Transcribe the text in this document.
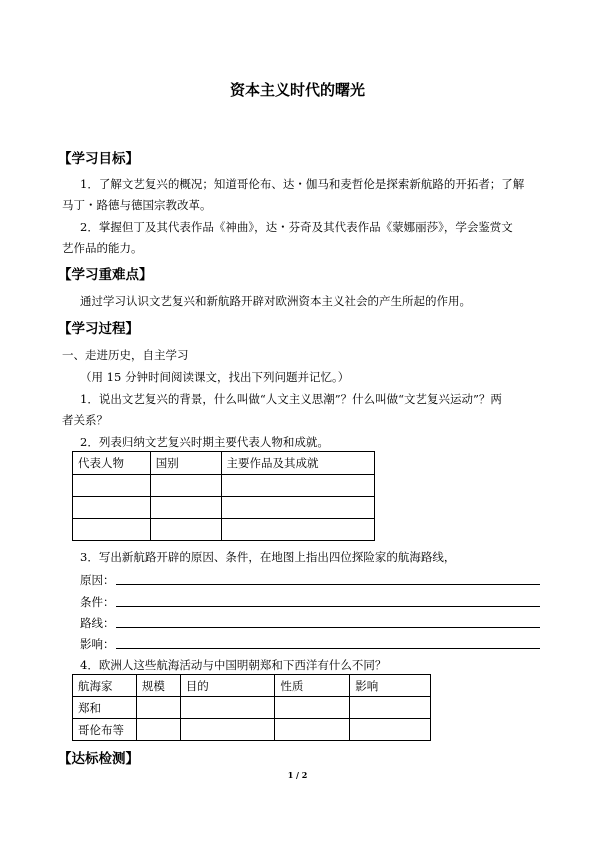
资本主义时代的曙光
【学习目标】
1．了解文艺复兴的概况；知道哥伦布、达・伽马和麦哲伦是探索新航路的开拓者；了解
马丁・路德与德国宗教改革。
2．掌握但丁及其代表作品《神曲》，达・芬奇及其代表作品《蒙娜丽莎》，学会鉴赏文
艺作品的能力。
【学习重难点】
通过学习认识文艺复兴和新航路开辟对欧洲资本主义社会的产生所起的作用。
【学习过程】
一、走进历史，自主学习
（用 15 分钟时间阅读课文，找出下列问题并记忆。）
1．说出文艺复兴的背景，什么叫做“人文主义思潮”？什么叫做“文艺复兴运动”？两
者关系？
2．列表归纳文艺复兴时期主要代表人物和成就。
代表人物	国别	主要作品及其成就

3．写出新航路开辟的原因、条件，在地图上指出四位探险家的航海路线，
原因：
条件：
路线：
影响：
4．欧洲人这些航海活动与中国明朝郑和下西洋有什么不同？
航海家	规模	目的	性质	影响
郑和				
哥伦布等				
【达标检测】
1 / 2
